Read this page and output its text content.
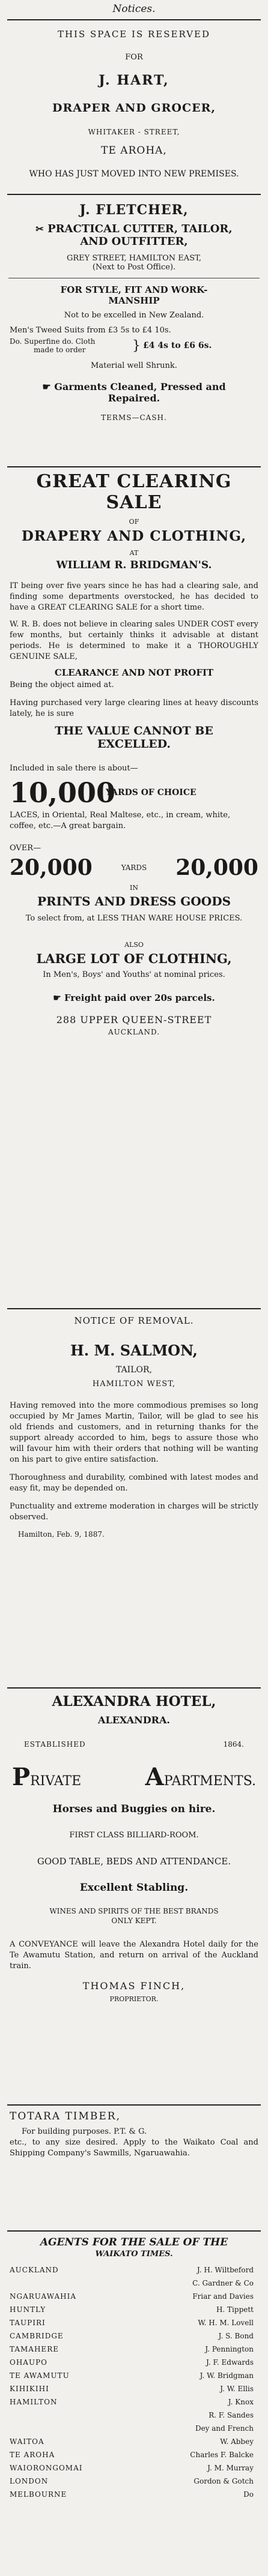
Notices.
THIS SPACE IS RESERVED
FOR
J. HART,
DRAPER AND GROCER,
WHITAKER - STREET,
TE AROHA,
WHO HAS JUST MOVED INTO NEW PREMISES.
J. FLETCHER,
✂ PRACTICAL CUTTER, TAILOR,
AND OUTFITTER,
GREY STREET, HAMILTON EAST,
(Next to Post Office).
FOR STYLE, FIT AND WORK-
MANSHIP
Not to be excelled in New Zealand.
Men's Tweed Suits from £3 5s to £4 10s.
Do. Superfine do. Cloth
made to order	} £4 4s to £6 6s.
Material well Shrunk.
☛ Garments Cleaned, Pressed and
Repaired.
TERMS—CASH.
GREAT CLEARING
SALE
OF
DRAPERY AND CLOTHING,
AT
WILLIAM R. BRIDGMAN'S.

IT being over five years since he has had a clearing sale, and finding some departments overstocked, he has decided to have a GREAT CLEARING SALE for a short time.

W. R. B. does not believe in clearing sales UNDER COST every few months, but certainly thinks it advisable at distant periods. He is determined to make it a THOROUGHLY GENUINE SALE,

CLEARANCE AND NOT PROFIT
Being the object aimed at.

Having purchased very large clearing lines at heavy discounts lately, he is sure

THE VALUE CANNOT BE
EXCELLED.
Included in sale there is about—
10,000
YARDS OF CHOICE

LACES, in Oriental, Real Maltese, etc., in cream, white, coffee, etc.—A great bargain.

OVER—
20,000	YARDS 20,000
IN
PRINTS AND DRESS GOODS
To select from, at LESS THAN WARE HOUSE PRICES.
ALSO
LARGE LOT OF CLOTHING,
In Men's, Boys' and Youths' at nominal prices.
☛ Freight paid over 20s parcels.
288 UPPER QUEEN-STREET
AUCKLAND.
NOTICE OF REMOVAL.
H. M. SALMON,
TAILOR,
HAMILTON WEST,

Having removed into the more commodious premises so long occupied by Mr James Martin, Tailor, will be glad to see his old friends and customers, and in returning thanks for the support already accorded to him, begs to assure those who will favour him with their orders that nothing will be wanting on his part to give entire satisfaction.

Thoroughness and durability, combined with latest modes and easy fit, may be depended on.

Punctuality and extreme moderation in charges will be strictly observed.

Hamilton, Feb. 9, 1887.
ALEXANDRA HOTEL,
ALEXANDRA.
ESTABLISHED	1864.
PRIVATE	APARTMENTS.
Horses and Buggies on hire.
FIRST CLASS BILLIARD-ROOM.
GOOD TABLE, BEDS AND ATTENDANCE.
Excellent Stabling.
WINES AND SPIRITS OF THE BEST BRANDS
ONLY KEPT.

A CONVEYANCE will leave the Alexandra Hotel daily for the Te Awamutu Station, and return on arrival of the Auckland train.

THOMAS FINCH,
PROPRIETOR.
TOTARA TIMBER,
For building purposes. P.T. & G.

etc., to any size desired. Apply to the Waikato Coal and Shipping Company's Sawmills, Ngaruawahia.

AGENTS FOR THE SALE OF THE
WAIKATO TIMES.
AUCKLAND	J. H. Wiltbeford
C. Gardner & Co
NGARUAWAHIA	Friar and Davies
HUNTLY	H. Tippett
TAUPIRI	W. H. M. Lovell
CAMBRIDGE	J. S. Bond
TAMAHERE	J. Pennington
OHAUPO	J. F. Edwards
TE AWAMUTU	J. W. Bridgman
KIHIKIHI	J. W. Ellis
HAMILTON	J. Knox
R. F. Sandes
Dey and French
WAITOA	W. Abbey
TE AROHA	Charles F. Balcke
WAIORONGOMAI	J. M. Murray
LONDON	Gordon & Gotch
MELBOURNE	Do
